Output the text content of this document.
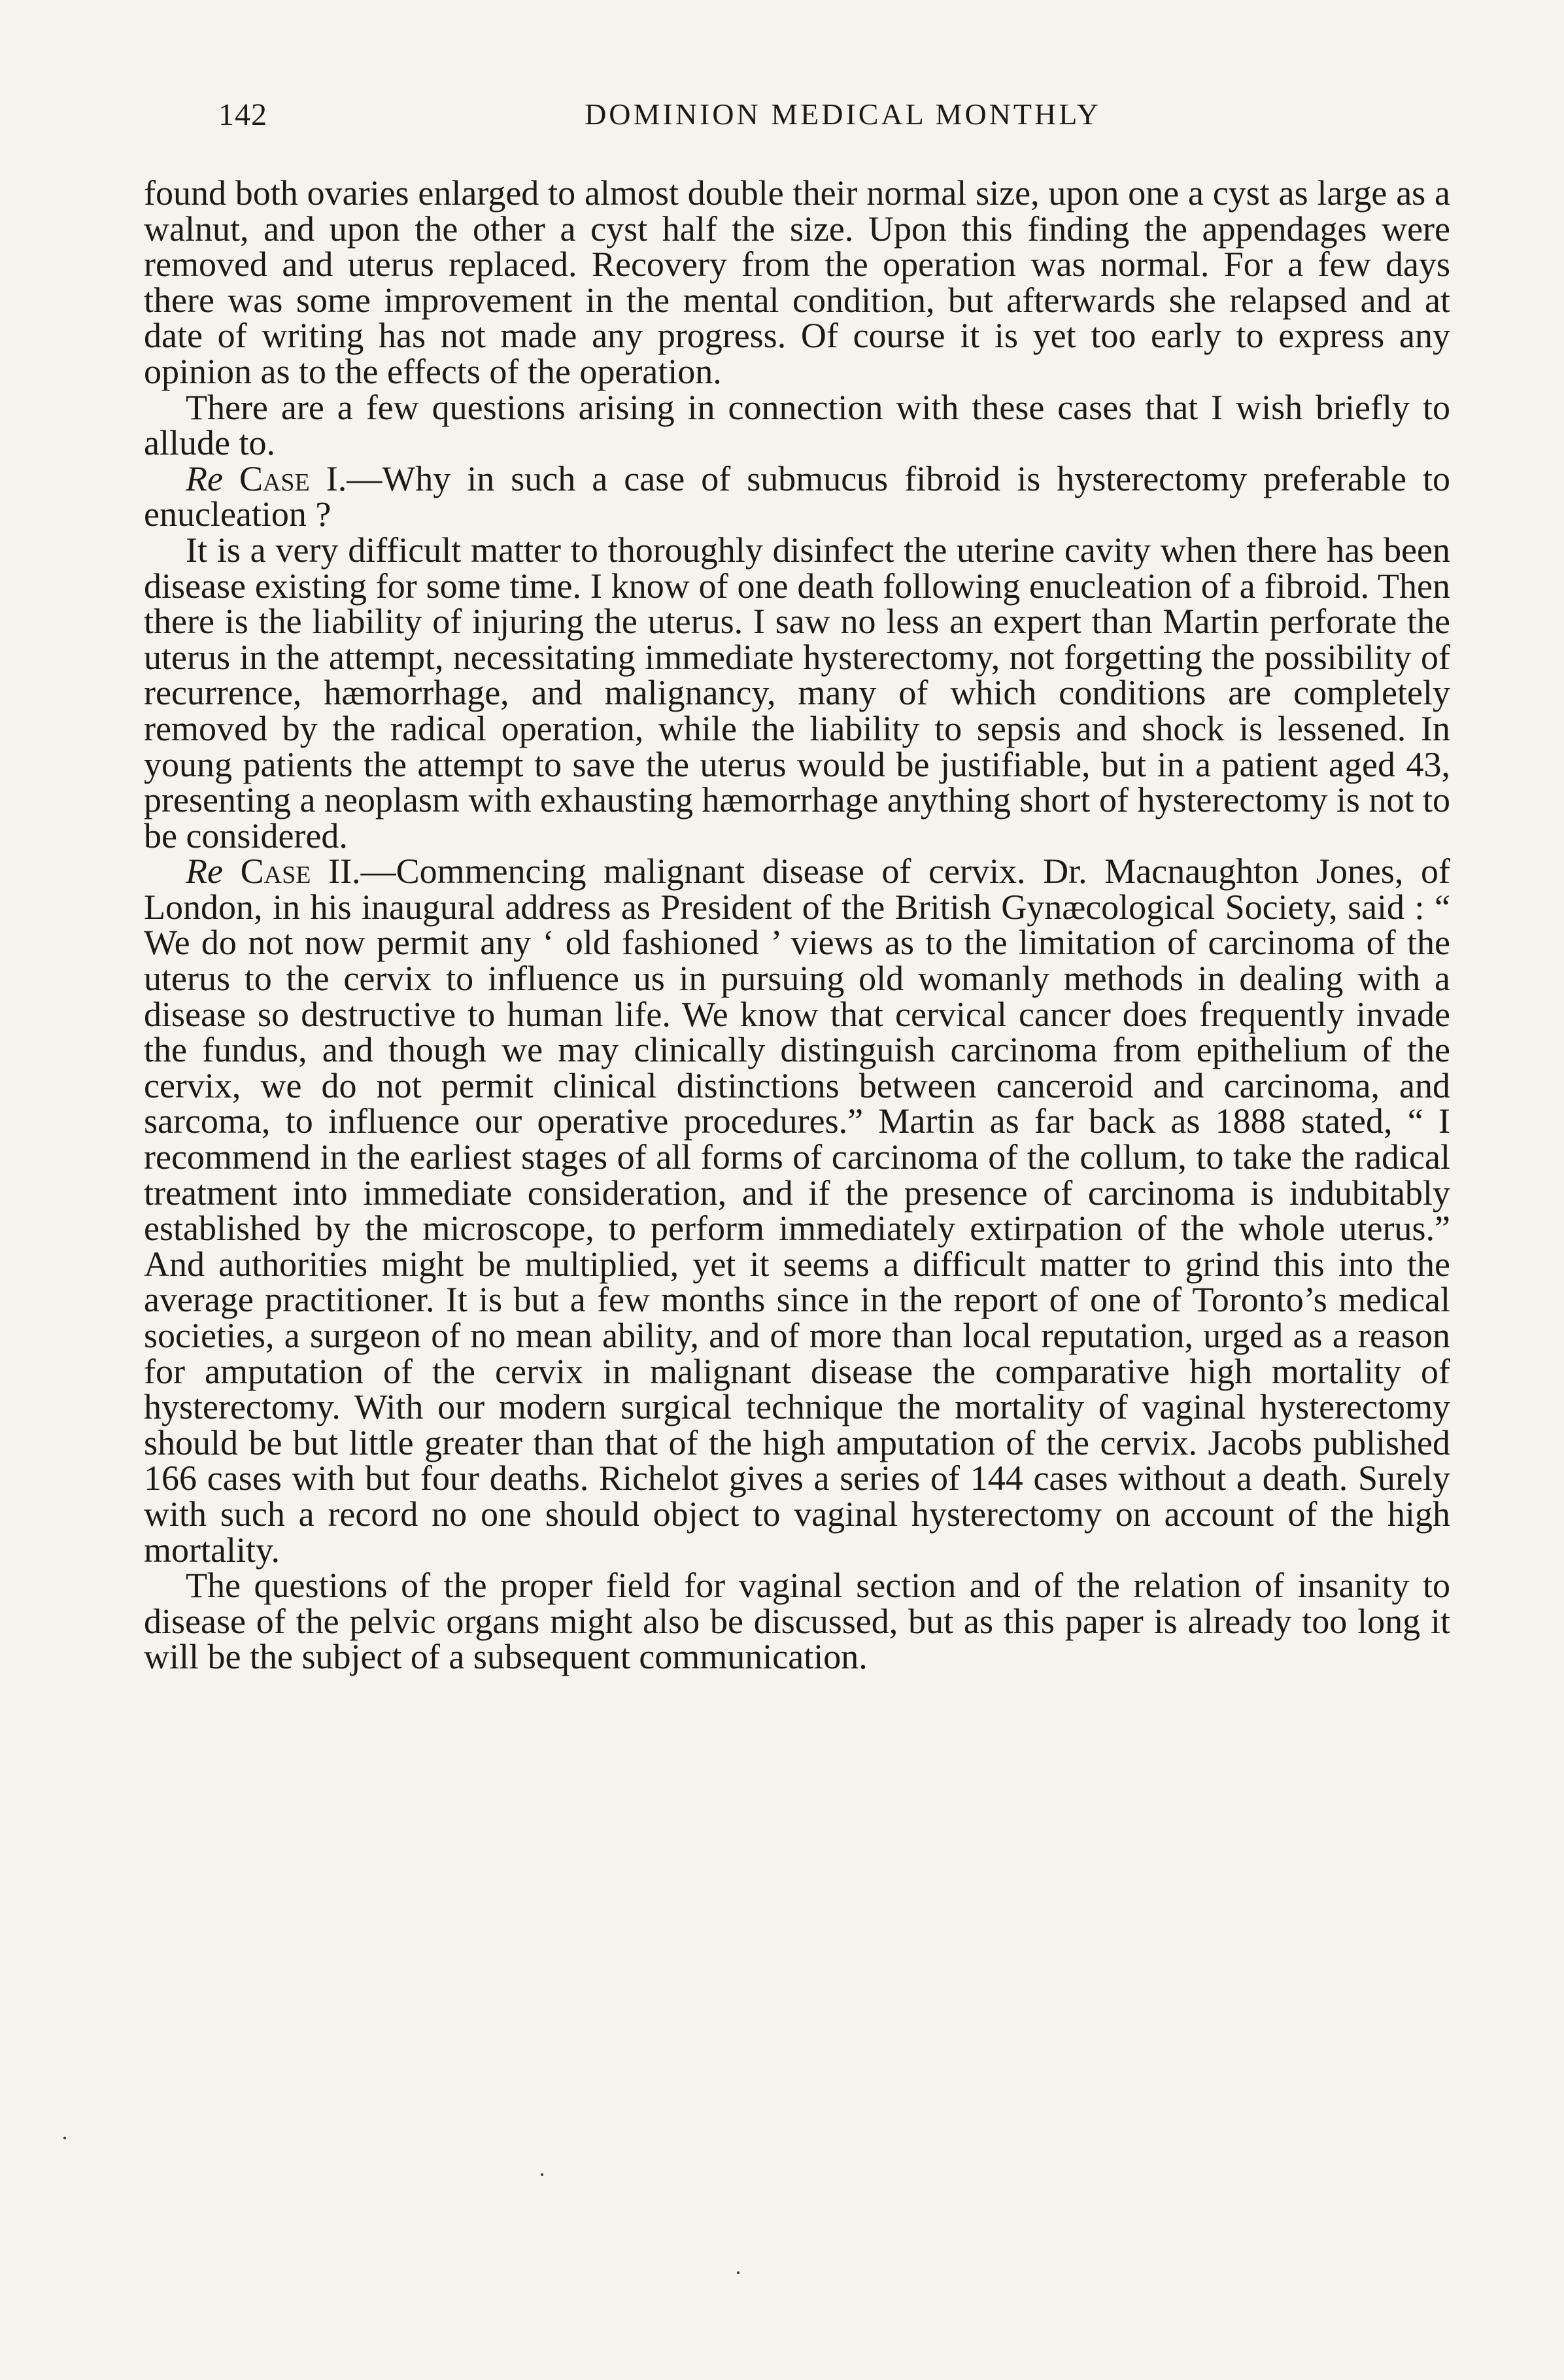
142	DOMINION MEDICAL MONTHLY

found both ovaries enlarged to almost double their normal size, upon one a cyst as large as a walnut, and upon the other a cyst half the size. Upon this finding the appendages were removed and uterus replaced. Recovery from the operation was normal. For a few days there was some improvement in the mental condition, but afterwards she relapsed and at date of writing has not made any progress. Of course it is yet too early to express any opinion as to the effects of the operation.

There are a few questions arising in connection with these cases that I wish briefly to allude to.

Re Case I.—Why in such a case of submucus fibroid is hysterectomy preferable to enucleation ?

It is a very difficult matter to thoroughly disinfect the uterine cavity when there has been disease existing for some time. I know of one death following enucleation of a fibroid. Then there is the liability of injuring the uterus. I saw no less an expert than Martin perforate the uterus in the attempt, necessitating immediate hysterectomy, not forgetting the possibility of recurrence, hæmorrhage, and malignancy, many of which conditions are completely removed by the radical operation, while the liability to sepsis and shock is lessened. In young patients the attempt to save the uterus would be justifiable, but in a patient aged 43, presenting a neoplasm with exhausting hæmorrhage anything short of hysterectomy is not to be considered.

Re Case II.—Commencing malignant disease of cervix. Dr. Macnaughton Jones, of London, in his inaugural address as President of the British Gynæcological Society, said : “ We do not now permit any ‘ old fashioned ’ views as to the limitation of carcinoma of the uterus to the cervix to influence us in pursuing old womanly methods in dealing with a disease so destructive to human life. We know that cervical cancer does frequently invade the fundus, and though we may clinically distinguish carcinoma from epithelium of the cervix, we do not permit clinical distinctions between canceroid and carcinoma, and sarcoma, to influence our operative procedures.” Martin as far back as 1888 stated, “ I recommend in the earliest stages of all forms of carcinoma of the collum, to take the radical treatment into immediate consideration, and if the presence of carcinoma is indubitably established by the microscope, to perform immediately extirpation of the whole uterus.” And authorities might be multiplied, yet it seems a difficult matter to grind this into the average practitioner. It is but a few months since in the report of one of Toronto’s medical societies, a surgeon of no mean ability, and of more than local reputation, urged as a reason for amputation of the cervix in malignant disease the comparative high mortality of hysterectomy. With our modern surgical technique the mortality of vaginal hysterectomy should be but little greater than that of the high amputation of the cervix. Jacobs published 166 cases with but four deaths. Richelot gives a series of 144 cases without a death. Surely with such a record no one should object to vaginal hysterectomy on account of the high mortality.

The questions of the proper field for vaginal section and of the relation of insanity to disease of the pelvic organs might also be discussed, but as this paper is already too long it will be the subject of a subsequent communication.
